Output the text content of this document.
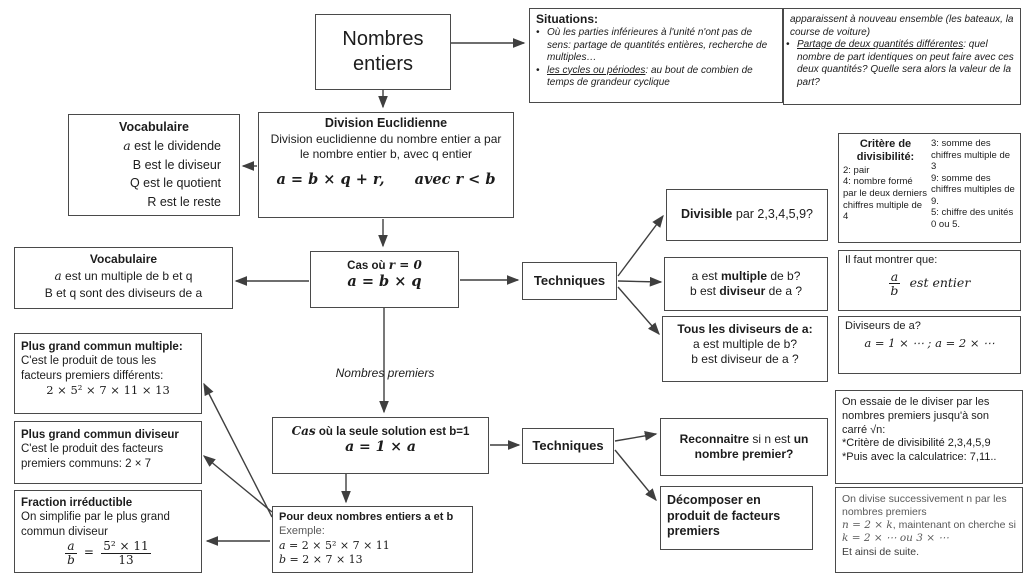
Nombres entiers
Situations:
•
Où les parties inférieures à l'unité n'ont pas de sens: partage de quantités entières, recherche de multiples…
•
les cycles ou périodes: au bout de combien de temps de grandeur cyclique
apparaissent à nouveau ensemble (les bateaux, la course de voiture)
•
Partage de deux quantités différentes: quel nombre de part identiques on peut faire avec ces deux quantités? Quelle sera alors la valeur de la part?
Vocabulaire
a est le dividende
B est le diviseur
Q est le quotient
R est le reste
Division Euclidienne
Division euclidienne du nombre entier a par le nombre entier b, avec q entier
a = b × q + r, avec r < b
Critère de divisibilité:
2: pair
4: nombre formé par le deux derniers chiffres multiple de 4
3: somme des chiffres multiple de 3
9: somme des chiffres multiples de 9.
5: chiffre des unités 0 ou 5.
Cas où r = 0
a = b × q
Vocabulaire
a est un multiple de b et q
B et q sont des diviseurs de a
Techniques
Divisible par 2,3,4,5,9?
a est multiple de b?
b est diviseur de a ?
Il faut montrer que:
$\frac{a}{b}$ est entier
Tous les diviseurs de a:
a est multiple de b?
b est diviseur de a ?
Diviseurs de a?
a = 1 × ⋯ ; a = 2 × ⋯
Plus grand commun multiple:
C'est le produit de tous les facteurs premiers différents:
2 × 5² × 7 × 11 × 13
Plus grand commun diviseur
C'est le produit des facteurs premiers communs: 2 × 7
Fraction irréductible
On simplifie par le plus grand commun diviseur
$\frac{a}{b} = \frac{\text{5² × 11}}{13}$
Nombres premiers
Cas où la seule solution est b=1
a = 1 × a	Techniques	Reconnaitre si n est un nombre premier?
On essaie de le diviser par les nombres premiers jusqu'à son carré √n:
*Critère de divisibilité 2,3,4,5,9
*Puis avec la calculatrice: 7,11..
Décomposer en produit de facteurs premiers
Pour deux nombres entiers a et b
Exemple:
a = 2 × 5² × 7 × 11
b = 2 × 7 × 13
On divise successivement n par les nombres premiers
n = 2 × k, maintenant on cherche si k = 2 × ⋯ ou 3 × ⋯
Et ainsi de suite.
